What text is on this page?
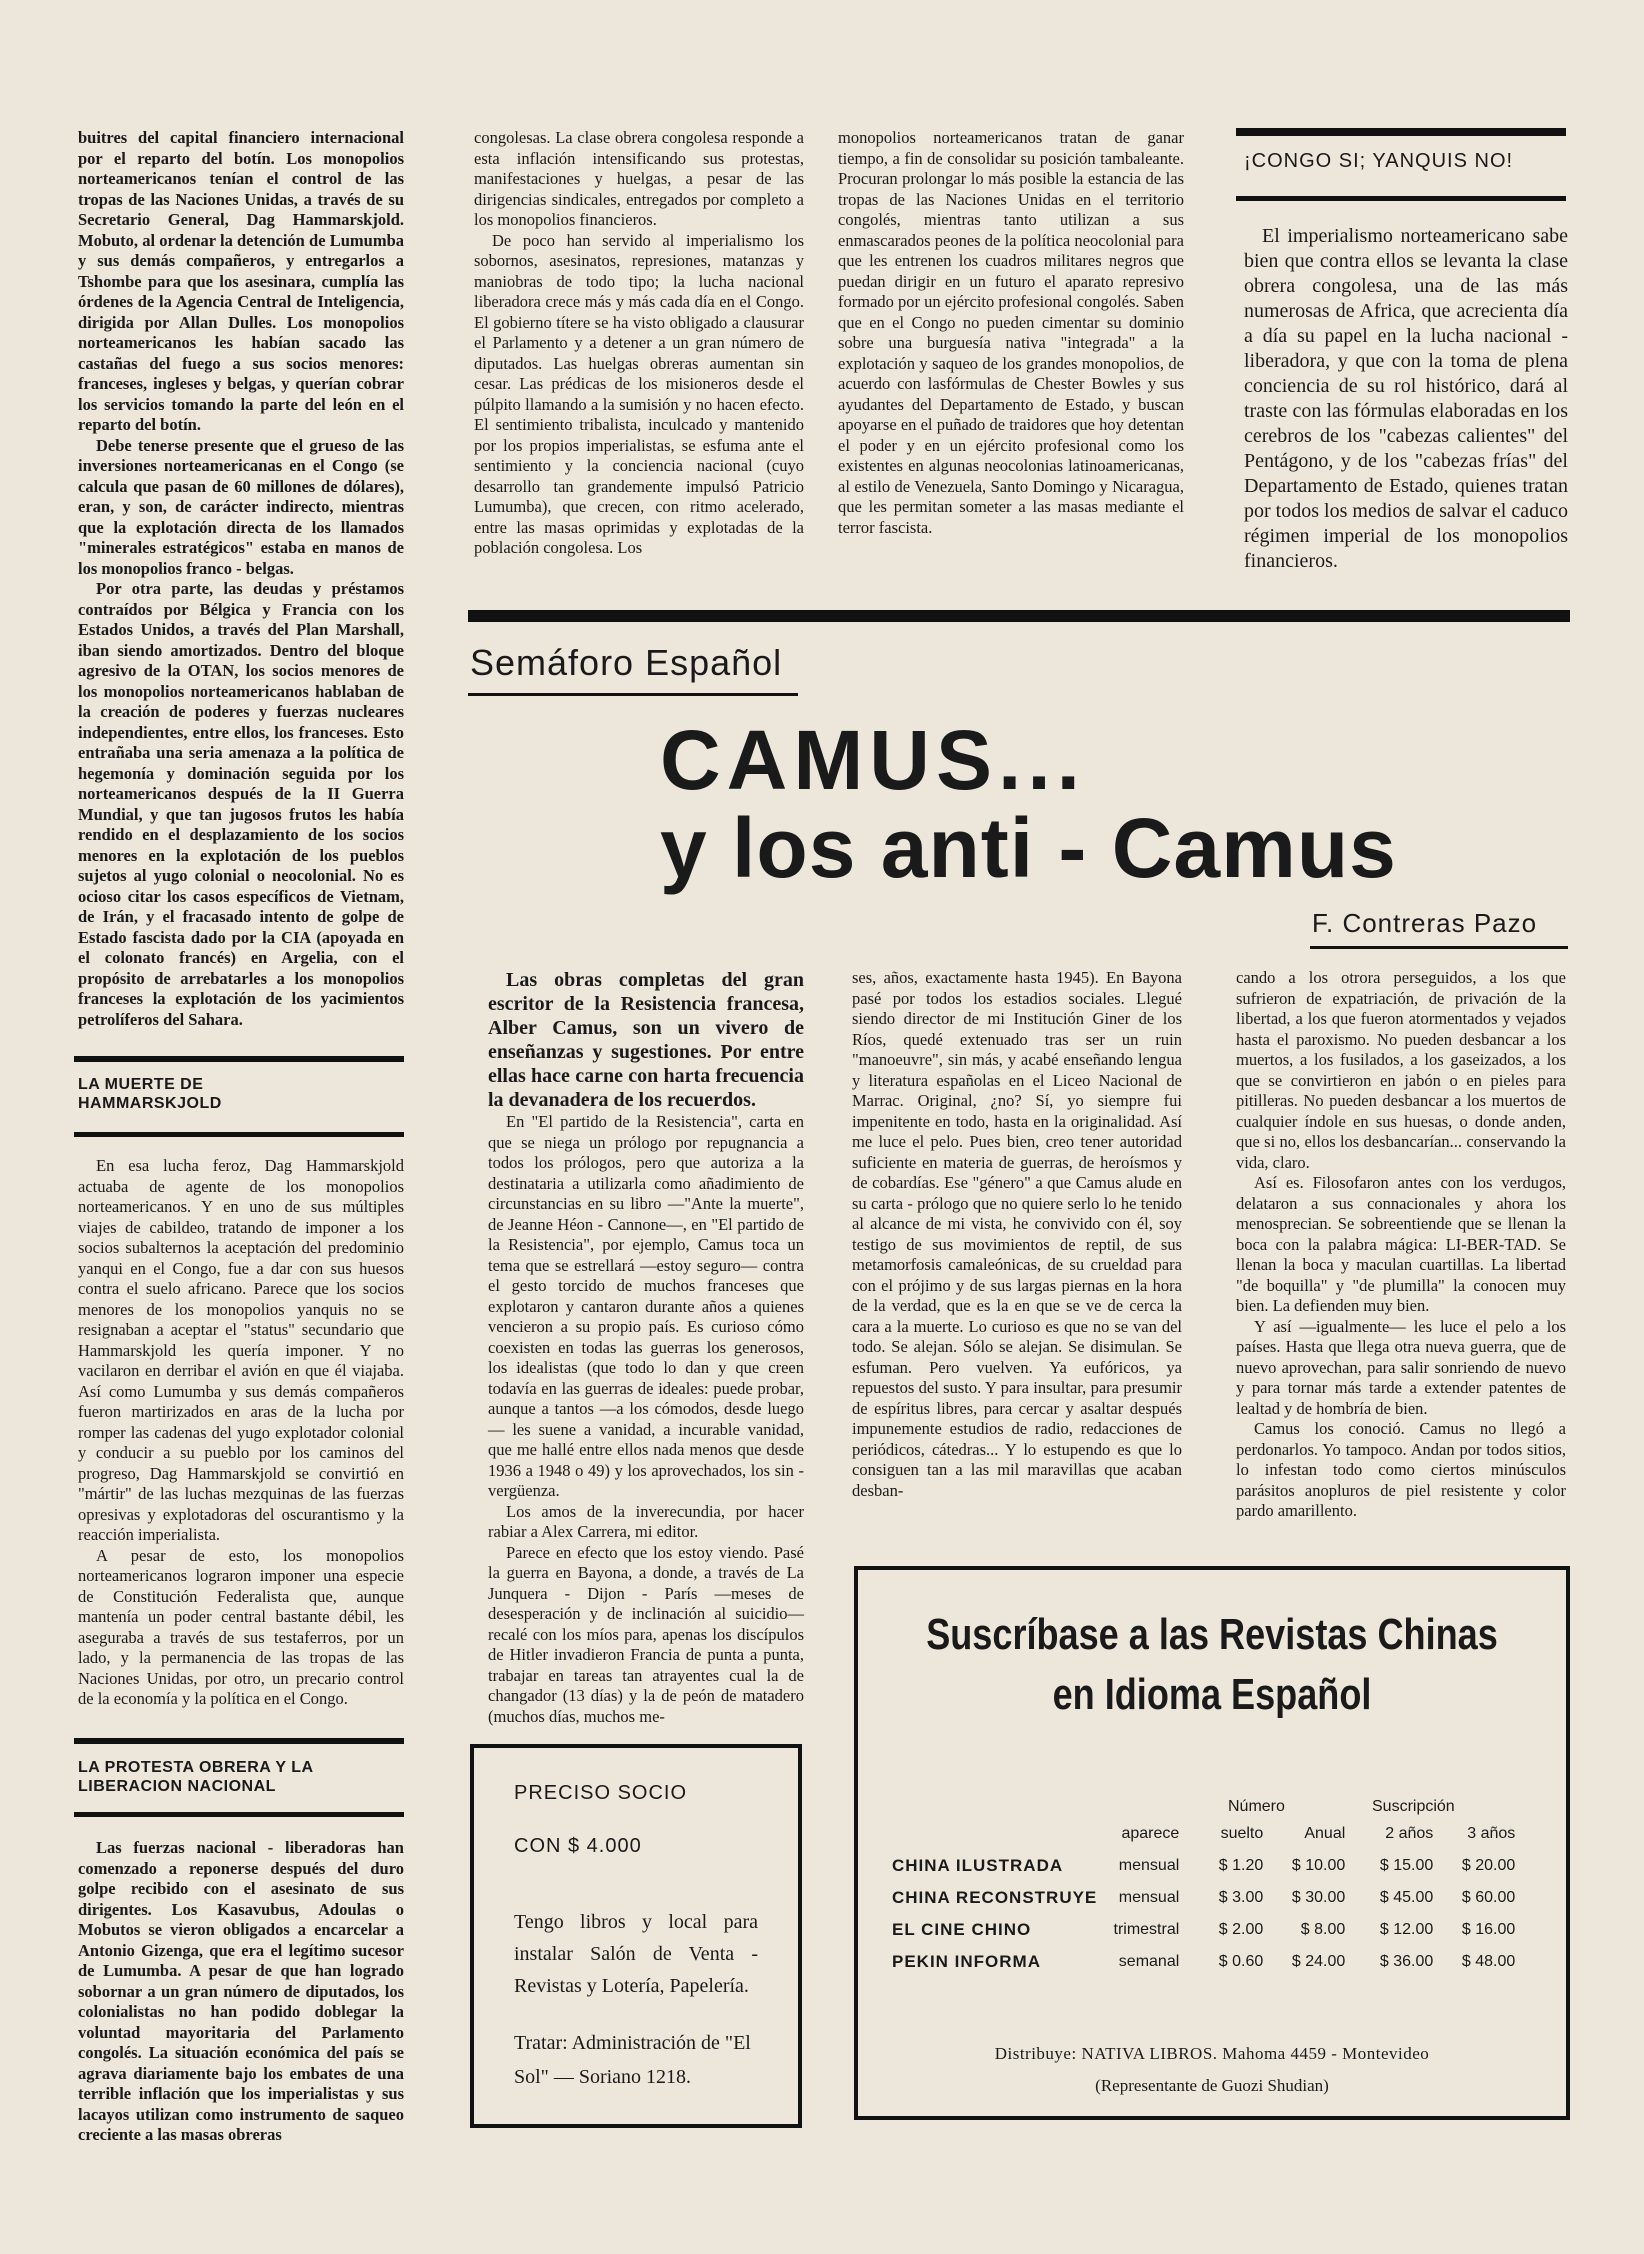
buitres del capital financiero internacional por el reparto del botín. Los monopolios norteamericanos tenían el control de las tropas de las Naciones Unidas, a través de su Secretario General, Dag Hammarskjold. Mobuto, al ordenar la detención de Lumumba y sus demás compañeros, y entregarlos a Tshombe para que los asesinara, cumplía las órdenes de la Agencia Central de Inteligencia, dirigida por Allan Dulles. Los monopolios norteamericanos les habían sacado las castañas del fuego a sus socios menores: franceses, ingleses y belgas, y querían cobrar los servicios tomando la parte del león en el reparto del botín.

Debe tenerse presente que el grueso de las inversiones norteamericanas en el Congo (se calcula que pasan de 60 millones de dólares), eran, y son, de carácter indirecto, mientras que la explotación directa de los llamados "minerales estratégicos" estaba en manos de los monopolios franco - belgas.

Por otra parte, las deudas y préstamos contraídos por Bélgica y Francia con los Estados Unidos, a través del Plan Marshall, iban siendo amortizados. Dentro del bloque agresivo de la OTAN, los socios menores de los monopolios norteamericanos hablaban de la creación de poderes y fuerzas nucleares independientes, entre ellos, los franceses. Esto entrañaba una seria amenaza a la política de hegemonía y dominación seguida por los norteamericanos después de la II Guerra Mundial, y que tan jugosos frutos les había rendido en el desplazamiento de los socios menores en la explotación de los pueblos sujetos al yugo colonial o neocolonial. No es ocioso citar los casos específicos de Vietnam, de Irán, y el fracasado intento de golpe de Estado fascista dado por la CIA (apoyada en el colonato francés) en Argelia, con el propósito de arrebatarles a los monopolios franceses la explotación de los yacimientos petrolíferos del Sahara.

LA MUERTE DE HAMMARSKJOLD

En esa lucha feroz, Dag Hammarskjold actuaba de agente de los monopolios norteamericanos. Y en uno de sus múltiples viajes de cabildeo, tratando de imponer a los socios subalternos la aceptación del predominio yanqui en el Congo, fue a dar con sus huesos contra el suelo africano. Parece que los socios menores de los monopolios yanquis no se resignaban a aceptar el "status" secundario que Hammarskjold les quería imponer. Y no vacilaron en derribar el avión en que él viajaba. Así como Lumumba y sus demás compañeros fueron martirizados en aras de la lucha por romper las cadenas del yugo explotador colonial y conducir a su pueblo por los caminos del progreso, Dag Hammarskjold se convirtió en "mártir" de las luchas mezquinas de las fuerzas opresivas y explotadoras del oscurantismo y la reacción imperialista.

A pesar de esto, los monopolios norteamericanos lograron imponer una especie de Constitución Federalista que, aunque mantenía un poder central bastante débil, les aseguraba a través de sus testaferros, por un lado, y la permanencia de las tropas de las Naciones Unidas, por otro, un precario control de la economía y la política en el Congo.

LA PROTESTA OBRERA Y LA LIBERACION NACIONAL

Las fuerzas nacional - liberadoras han comenzado a reponerse después del duro golpe recibido con el asesinato de sus dirigentes. Los Kasavubus, Adoulas o Mobutos se vieron obligados a encarcelar a Antonio Gizenga, que era el legítimo sucesor de Lumumba. A pesar de que han logrado sobornar a un gran número de diputados, los colonialistas no han podido doblegar la voluntad mayoritaria del Parlamento congolés. La situación económica del país se agrava diariamente bajo los embates de una terrible inflación que los imperialistas y sus lacayos utilizan como instrumento de saqueo creciente a las masas obreras

congolesas. La clase obrera congolesa responde a esta inflación intensificando sus protestas, manifestaciones y huelgas, a pesar de las dirigencias sindicales, entregados por completo a los monopolios financieros.

De poco han servido al imperialismo los sobornos, asesinatos, represiones, matanzas y maniobras de todo tipo; la lucha nacional liberadora crece más y más cada día en el Congo. El gobierno títere se ha visto obligado a clausurar el Parlamento y a detener a un gran número de diputados. Las huelgas obreras aumentan sin cesar. Las prédicas de los misioneros desde el púlpito llamando a la sumisión y no hacen efecto. El sentimiento tribalista, inculcado y mantenido por los propios imperialistas, se esfuma ante el sentimiento y la conciencia nacional (cuyo desarrollo tan grandemente impulsó Patricio Lumumba), que crecen, con ritmo acelerado, entre las masas oprimidas y explotadas de la población congolesa. Los

monopolios norteamericanos tratan de ganar tiempo, a fin de consolidar su posición tambaleante. Procuran prolongar lo más posible la estancia de las tropas de las Naciones Unidas en el territorio congolés, mientras tanto utilizan a sus enmascarados peones de la política neocolonial para que les entrenen los cuadros militares negros que puedan dirigir en un futuro el aparato represivo formado por un ejército profesional congolés. Saben que en el Congo no pueden cimentar su dominio sobre una burguesía nativa "integrada" a la explotación y saqueo de los grandes monopolios, de acuerdo con lasfórmulas de Chester Bowles y sus ayudantes del Departamento de Estado, y buscan apoyarse en el puñado de traidores que hoy detentan el poder y en un ejército profesional como los existentes en algunas neocolonias latinoamericanas, al estilo de Venezuela, Santo Domingo y Nicaragua, que les permitan someter a las masas mediante el terror fascista.

¡CONGO SI; YANQUIS NO!

El imperialismo norteamericano sabe bien que contra ellos se levanta la clase obrera congolesa, una de las más numerosas de Africa, que acrecienta día a día su papel en la lucha nacional - liberadora, y que con la toma de plena conciencia de su rol histórico, dará al traste con las fórmulas elaboradas en los cerebros de los "cabezas calientes" del Pentágono, y de los "cabezas frías" del Departamento de Estado, quienes tratan por todos los medios de salvar el caduco régimen imperial de los monopolios financieros.

Semáforo Español
CAMUS...
y los anti - Camus
F. Contreras Pazo

Las obras completas del gran escritor de la Resistencia francesa, Alber Camus, son un vivero de enseñanzas y sugestiones. Por entre ellas hace carne con harta frecuencia la devanadera de los recuerdos.

En "El partido de la Resistencia", carta en que se niega un prólogo por repugnancia a todos los prólogos, pero que autoriza a la destinataria a utilizarla como añadimiento de circunstancias en su libro —"Ante la muerte", de Jeanne Héon - Cannone—, en "El partido de la Resistencia", por ejemplo, Camus toca un tema que se estrellará —estoy seguro— contra el gesto torcido de muchos franceses que explotaron y cantaron durante años a quienes vencieron a su propio país. Es curioso cómo coexisten en todas las guerras los generosos, los idealistas (que todo lo dan y que creen todavía en las guerras de ideales: puede probar, aunque a tantos —a los cómodos, desde luego— les suene a vanidad, a incurable vanidad, que me hallé entre ellos nada menos que desde 1936 a 1948 o 49) y los aprovechados, los sin - vergüenza.

Los amos de la inverecundia, por hacer rabiar a Alex Carrera, mi editor.

Parece en efecto que los estoy viendo. Pasé la guerra en Bayona, a donde, a través de La Junquera - Dijon - París —meses de desesperación y de inclinación al suicidio— recalé con los míos para, apenas los discípulos de Hitler invadieron Francia de punta a punta, trabajar en tareas tan atrayentes cual la de changador (13 días) y la de peón de matadero (muchos días, muchos me-

ses, años, exactamente hasta 1945). En Bayona pasé por todos los estadios sociales. Llegué siendo director de mi Institución Giner de los Ríos, quedé extenuado tras ser un ruin "manoeuvre", sin más, y acabé enseñando lengua y literatura españolas en el Liceo Nacional de Marrac. Original, ¿no? Sí, yo siempre fui impenitente en todo, hasta en la originalidad. Así me luce el pelo. Pues bien, creo tener autoridad suficiente en materia de guerras, de heroísmos y de cobardías. Ese "género" a que Camus alude en su carta - prólogo que no quiere serlo lo he tenido al alcance de mi vista, he convivido con él, soy testigo de sus movimientos de reptil, de sus metamorfosis camaleónicas, de su crueldad para con el prójimo y de sus largas piernas en la hora de la verdad, que es la en que se ve de cerca la cara a la muerte. Lo curioso es que no se van del todo. Se alejan. Sólo se alejan. Se disimulan. Se esfuman. Pero vuelven. Ya eufóricos, ya repuestos del susto. Y para insultar, para presumir de espíritus libres, para cercar y asaltar después impunemente estudios de radio, redacciones de periódicos, cátedras... Y lo estupendo es que lo consiguen tan a las mil maravillas que acaban desban-

cando a los otrora perseguidos, a los que sufrieron de expatriación, de privación de la libertad, a los que fueron atormentados y vejados hasta el paroxismo. No pueden desbancar a los muertos, a los fusilados, a los gaseizados, a los que se convirtieron en jabón o en pieles para pitilleras. No pueden desbancar a los muertos de cualquier índole en sus huesas, o donde anden, que si no, ellos los desbancarían... conservando la vida, claro.

Así es. Filosofaron antes con los verdugos, delataron a sus connacionales y ahora los menosprecian. Se sobreentiende que se llenan la boca con la palabra mágica: LI-BER-TAD. Se llenan la boca y maculan cuartillas. La libertad "de boquilla" y "de plumilla" la conocen muy bien. La defienden muy bien.

Y así —igualmente— les luce el pelo a los países. Hasta que llega otra nueva guerra, que de nuevo aprovechan, para salir sonriendo de nuevo y para tornar más tarde a extender patentes de lealtad y de hombría de bien.

Camus los conoció. Camus no llegó a perdonarlos. Yo tampoco. Andan por todos sitios, lo infestan todo como ciertos minúsculos parásitos anopluros de piel resistente y color pardo amarillento.

PRECISO SOCIO
CON $ 4.000
Tengo libros y local para instalar Salón de Venta - Revistas y Lotería, Papelería.
Tratar: Administración de "El Sol" — Soriano 1218.
Suscríbase a las Revistas Chinas
en Idioma Español
Número	Suscripción
	aparece	suelto	Anual	2 años	3 años
CHINA ILUSTRADA	mensual	$ 1.20	$ 10.00	$ 15.00	$ 20.00
CHINA RECONSTRUYE	mensual	$ 3.00	$ 30.00	$ 45.00	$ 60.00
EL CINE CHINO	trimestral	$ 2.00	$ 8.00	$ 12.00	$ 16.00
PEKIN INFORMA	semanal	$ 0.60	$ 24.00	$ 36.00	$ 48.00
Distribuye: NATIVA LIBROS. Mahoma 4459 - Montevideo
(Representante de Guozi Shudian)
